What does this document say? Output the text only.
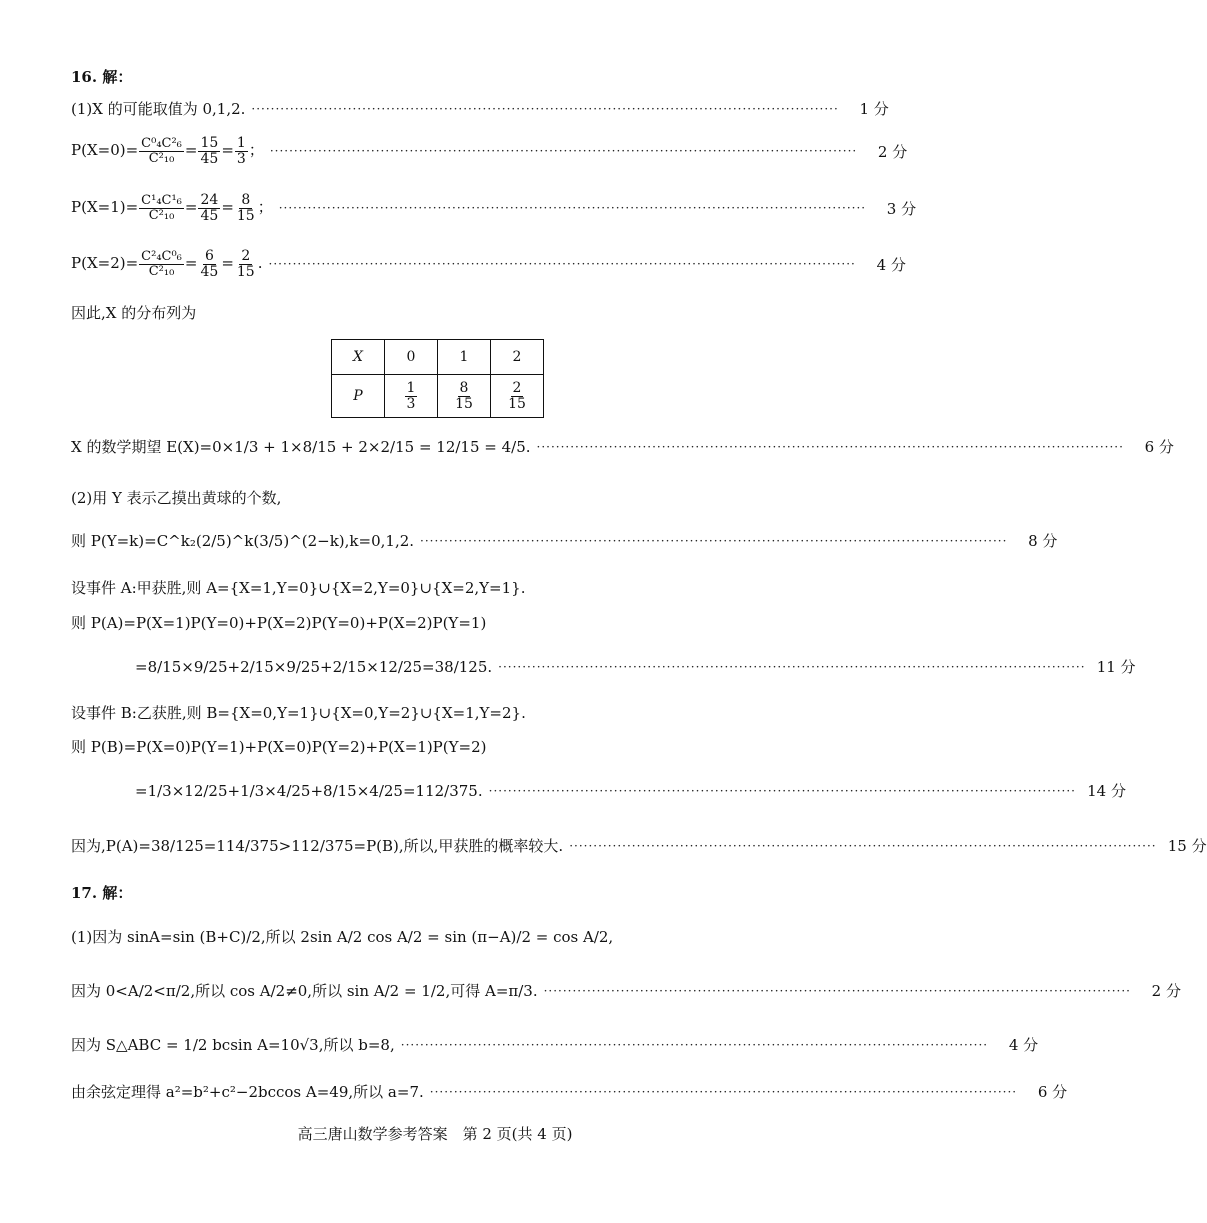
16. 解：
(1)X 的可能取值为 0,1,2. ··························································································································	1 分
$P(X=0)= \frac{\text{C⁰₄C²₆}}{\text{C²₁₀}} = \frac{15}{45} = \frac{1}{3}$ ； ··························································································································	2 分
$P(X=1)= \frac{\text{C¹₄C¹₆}}{\text{C²₁₀}} = \frac{24}{45} = \frac{8}{15}$ ； ··························································································································	3 分
$P(X=2)= \frac{\text{C²₄C⁰₆}}{\text{C²₁₀}} = \frac{6}{45} = \frac{2}{15}$ . ··························································································································	4 分
因此,X 的分布列为
X	0	1	2
P	$\frac{1}{3}$	$\frac{8}{15}$	$\frac{2}{15}$
X 的数学期望 E(X)=0×1/3 + 1×8/15 + 2×2/15 = 12/15 = 4/5. ··························································································································	6 分
(2)用 Y 表示乙摸出黄球的个数,
则 P(Y=k)=C^k₂(2/5)^k(3/5)^(2−k),k=0,1,2. ··························································································································	8 分
设事件 A:甲获胜,则 A={X=1,Y=0}∪{X=2,Y=0}∪{X=2,Y=1}.
则 P(A)=P(X=1)P(Y=0)+P(X=2)P(Y=0)+P(X=2)P(Y=1)
=8/15×9/25+2/15×9/25+2/15×12/25=38/125. ·························································································································· 11 分
设事件 B:乙获胜,则 B={X=0,Y=1}∪{X=0,Y=2}∪{X=1,Y=2}.
则 P(B)=P(X=0)P(Y=1)+P(X=0)P(Y=2)+P(X=1)P(Y=2)
=1/3×12/25+1/3×4/25+8/15×4/25=112/375. ·························································································································· 14 分
因为,P(A)=38/125=114/375>112/375=P(B),所以,甲获胜的概率较大. ·························································································································· 15 分
17. 解：
(1)因为 sinA=sin (B+C)/2,所以 2sin A/2 cos A/2 = sin (π−A)/2 = cos A/2,
因为 0<A/2<π/2,所以 cos A/2≠0,所以 sin A/2 = 1/2,可得 A=π/3. ··························································································································	2 分
因为 S△ABC = 1/2 bcsin A=10√3,所以 b=8, ··························································································································	4 分
由余弦定理得 a²=b²+c²−2bccos A=49,所以 a=7. ··························································································································	6 分
高三唐山数学参考答案　第 2 页(共 4 页)
